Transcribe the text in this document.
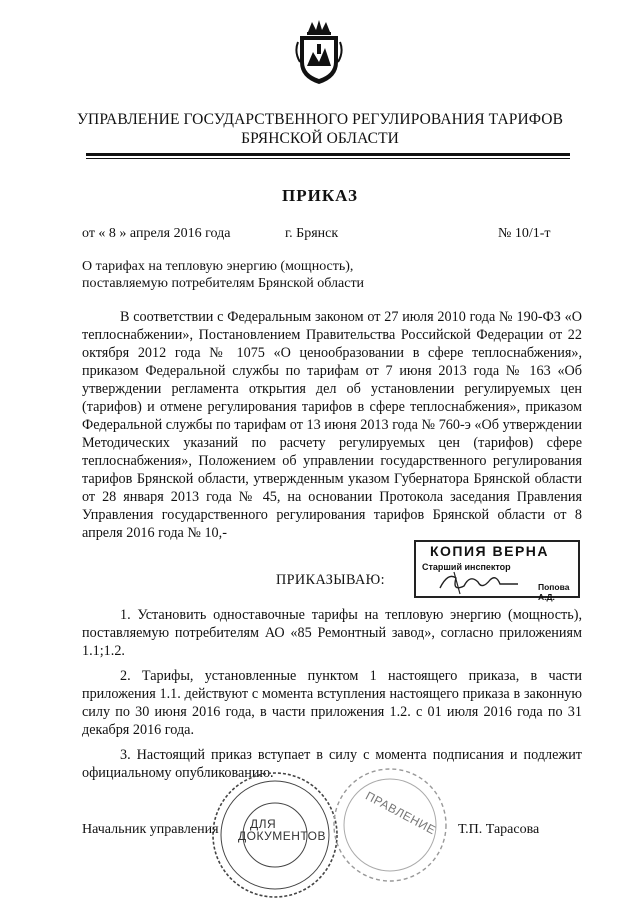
УПРАВЛЕНИЕ ГОСУДАРСТВЕННОГО РЕГУЛИРОВАНИЯ ТАРИФОВ
БРЯНСКОЙ ОБЛАСТИ
ПРИКАЗ
от « 8 » апреля 2016 года	г. Брянск	№ 10/1-т
О тарифах на тепловую энергию (мощность),
поставляемую потребителям Брянской области
В соответствии с Федеральным законом от 27 июля 2010 года № 190-ФЗ «О теплоснабжении», Постановлением Правительства Российской Федерации от 22 октября 2012 года № 1075 «О ценообразовании в сфере теплоснабжения», приказом Федеральной службы по тарифам от 7 июня 2013 года № 163 «Об утверждении регламента открытия дел об установлении регулируемых цен (тарифов) и отмене регулирования тарифов в сфере теплоснабжения», приказом Федеральной службы по тарифам от 13 июня 2013 года № 760-э «Об утверждении Методических указаний по расчету регулируемых цен (тарифов) сфере теплоснабжения», Положением об управлении государственного регулирования тарифов Брянской области, утвержденным указом Губернатора Брянской области от 28 января 2013 года № 45, на основании Протокола заседания Правления Управления государственного регулирования тарифов Брянской области от 8 апреля 2016 года № 10,-
ПРИКАЗЫВАЮ:
КОПИЯ ВЕРНА
Старший инспектор
Попова А.Д.
1. Установить одноставочные тарифы на тепловую энергию (мощность), поставляемую потребителям АО «85 Ремонтный завод», согласно приложениям 1.1;1.2.
2. Тарифы, установленные пунктом 1 настоящего приказа, в части приложения 1.1. действуют с момента вступления настоящего приказа в законную силу по 30 июня 2016 года, в части приложения 1.2. с 01 июля 2016 года по 31 декабря 2016 года.
3. Настоящий приказ вступает в силу с момента подписания и подлежит официальному опубликованию.
ДЛЯ
ДОКУМЕНТОВ	ПРАВЛЕНИЕ
Начальник управления	Т.П. Тарасова
